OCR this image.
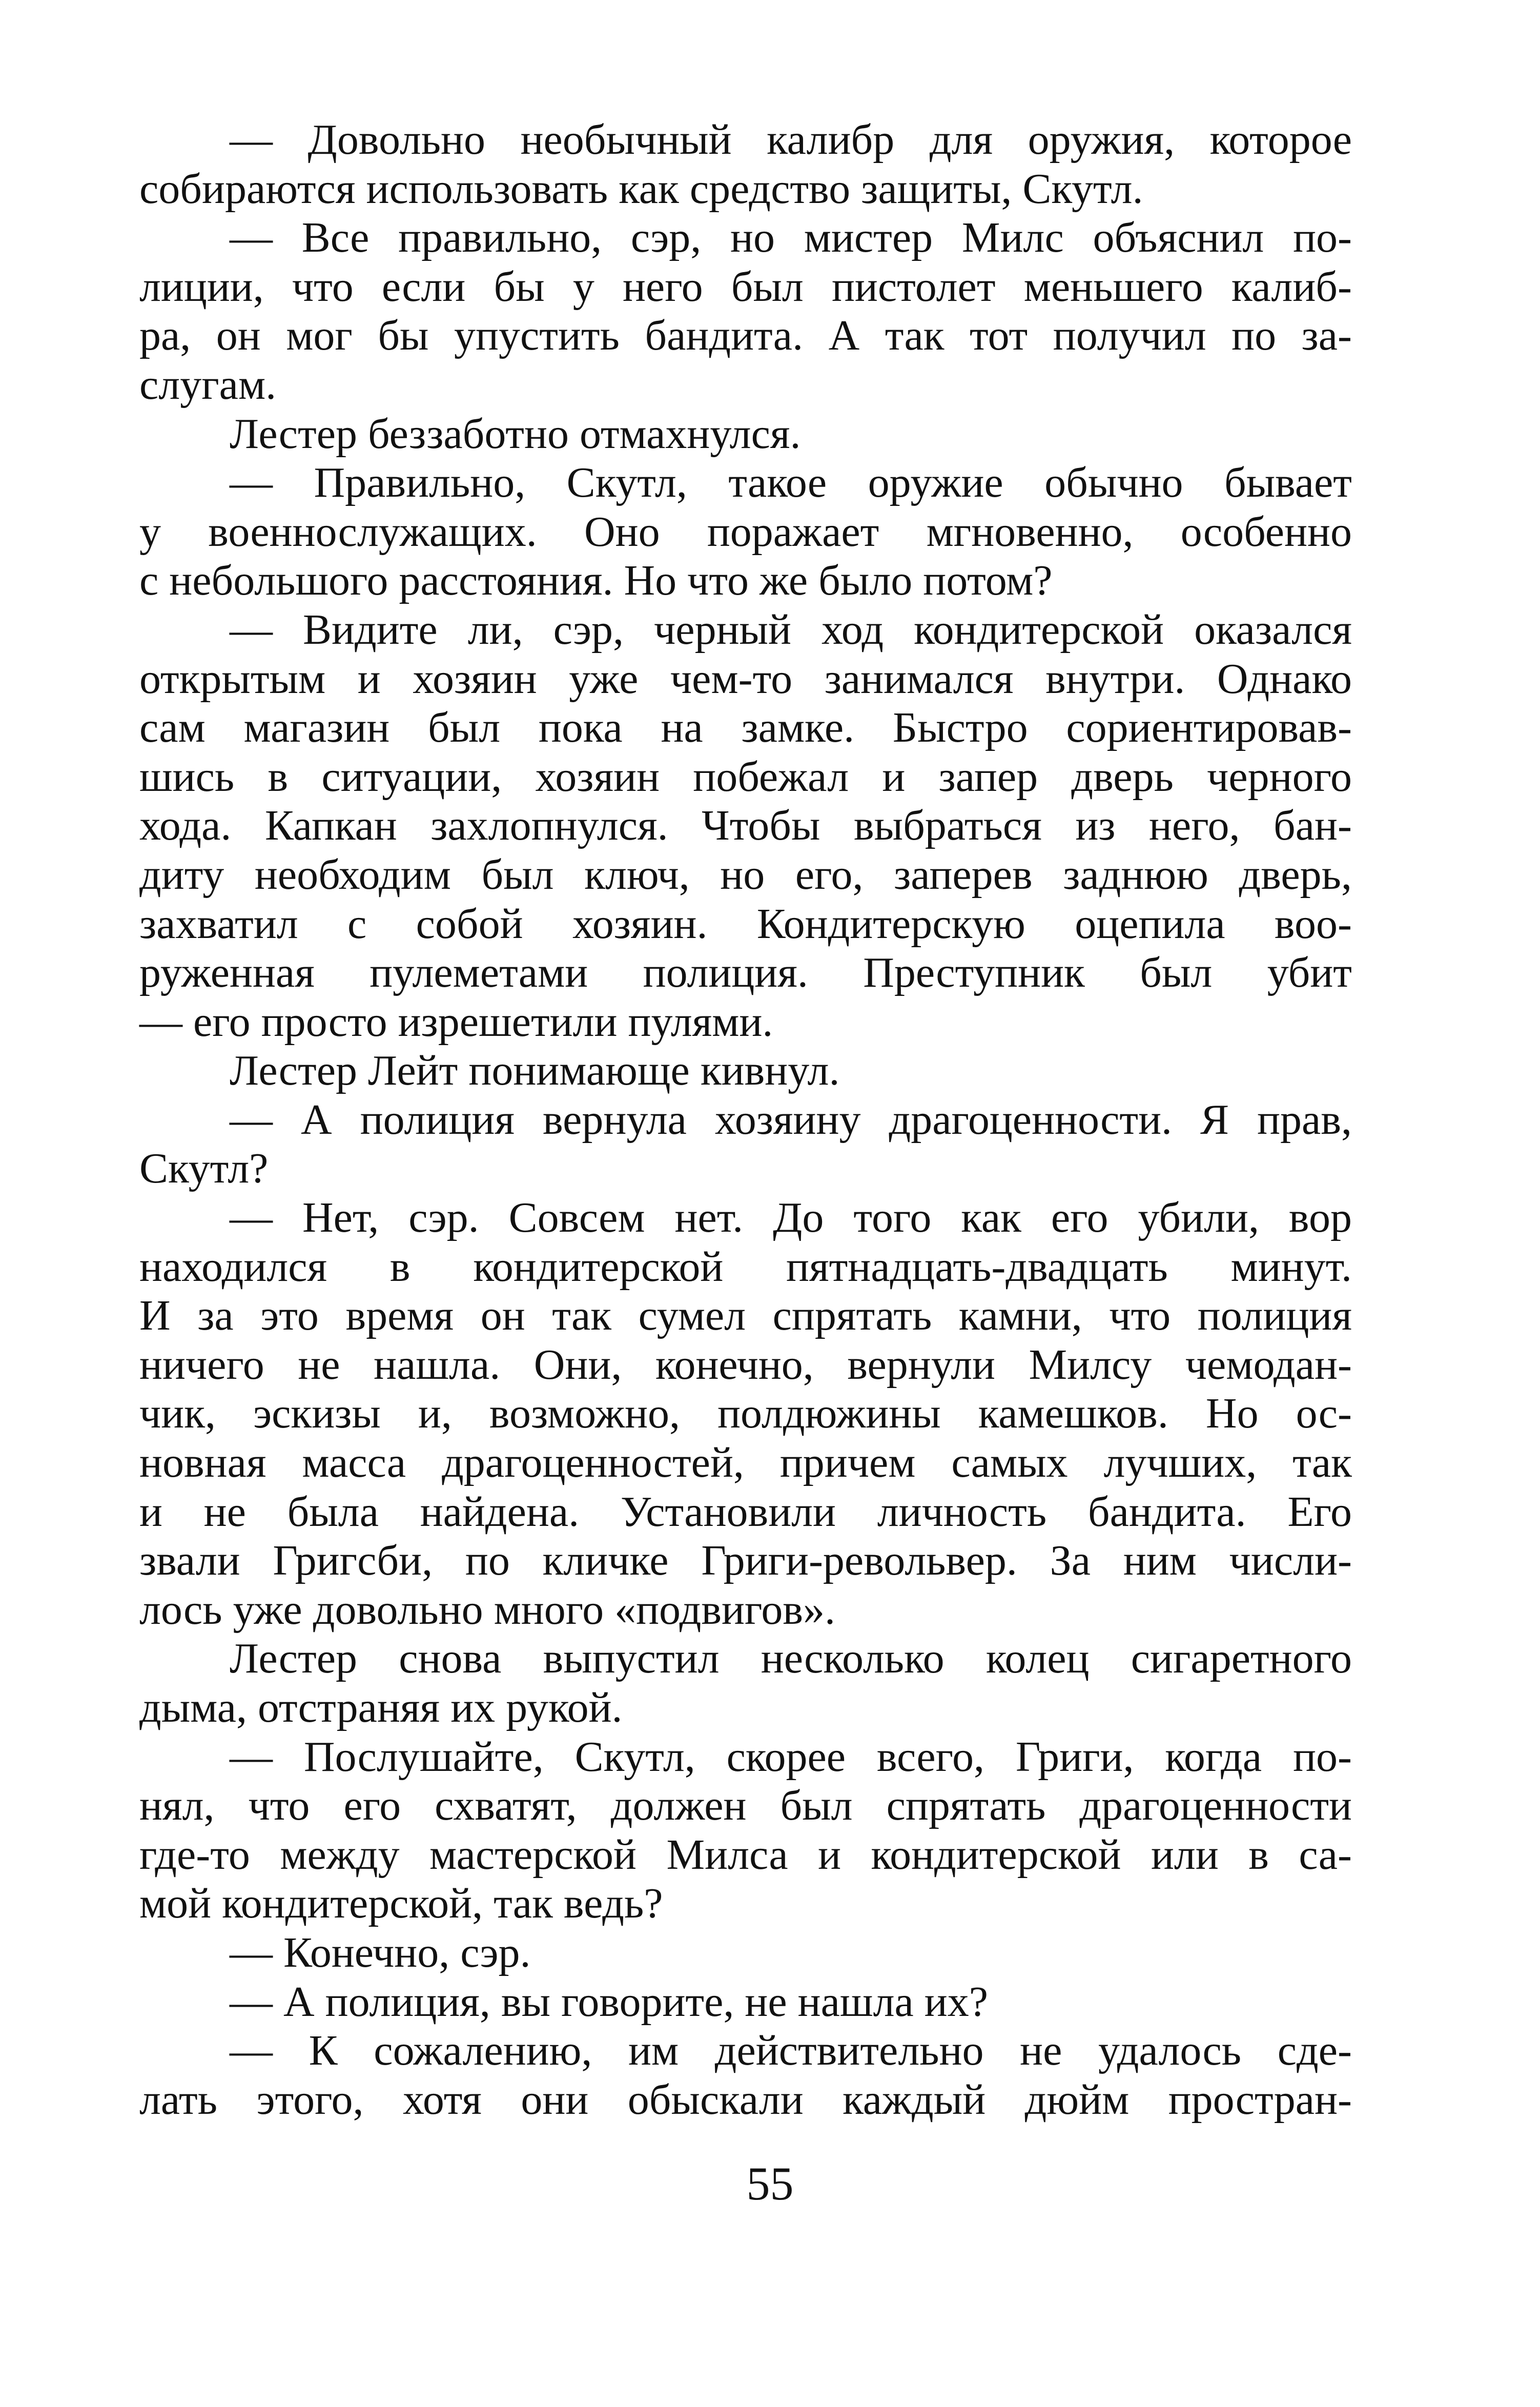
— Довольно необычный калибр для оружия, которое
собираются использовать как средство защиты, Скутл.
— Все правильно, сэр, но мистер Милс объяснил по-
лиции, что если бы у него был пистолет меньшего калиб-
ра, он мог бы упустить бандита. А так тот получил по за-
слугам.
Лестер беззаботно отмахнулся.
— Правильно, Скутл, такое оружие обычно бывает
у военнослужащих. Оно поражает мгновенно, особенно
с небольшого расстояния. Но что же было потом?
— Видите ли, сэр, черный ход кондитерской оказался
открытым и хозяин уже чем-то занимался внутри. Однако
сам магазин был пока на замке. Быстро сориентировав-
шись в ситуации, хозяин побежал и запер дверь черного
хода. Капкан захлопнулся. Чтобы выбраться из него, бан-
диту необходим был ключ, но его, заперев заднюю дверь,
захватил с собой хозяин. Кондитерскую оцепила воо-
руженная пулеметами полиция. Преступник был убит
— его просто изрешетили пулями.
Лестер Лейт понимающе кивнул.
— А полиция вернула хозяину драгоценности. Я прав,
Скутл?
— Нет, сэр. Совсем нет. До того как его убили, вор
находился в кондитерской пятнадцать-двадцать минут.
И за это время он так сумел спрятать камни, что полиция
ничего не нашла. Они, конечно, вернули Милсу чемодан-
чик, эскизы и, возможно, полдюжины камешков. Но ос-
новная масса драгоценностей, причем самых лучших, так
и не была найдена. Установили личность бандита. Его
звали Григсби, по кличке Григи-револьвер. За ним числи-
лось уже довольно много «подвигов».
Лестер снова выпустил несколько колец сигаретного
дыма, отстраняя их рукой.
— Послушайте, Скутл, скорее всего, Григи, когда по-
нял, что его схватят, должен был спрятать драгоценности
где-то между мастерской Милса и кондитерской или в са-
мой кондитерской, так ведь?
— Конечно, сэр.
— А полиция, вы говорите, не нашла их?
— К сожалению, им действительно не удалось сде-
лать этого, хотя они обыскали каждый дюйм простран-
55
